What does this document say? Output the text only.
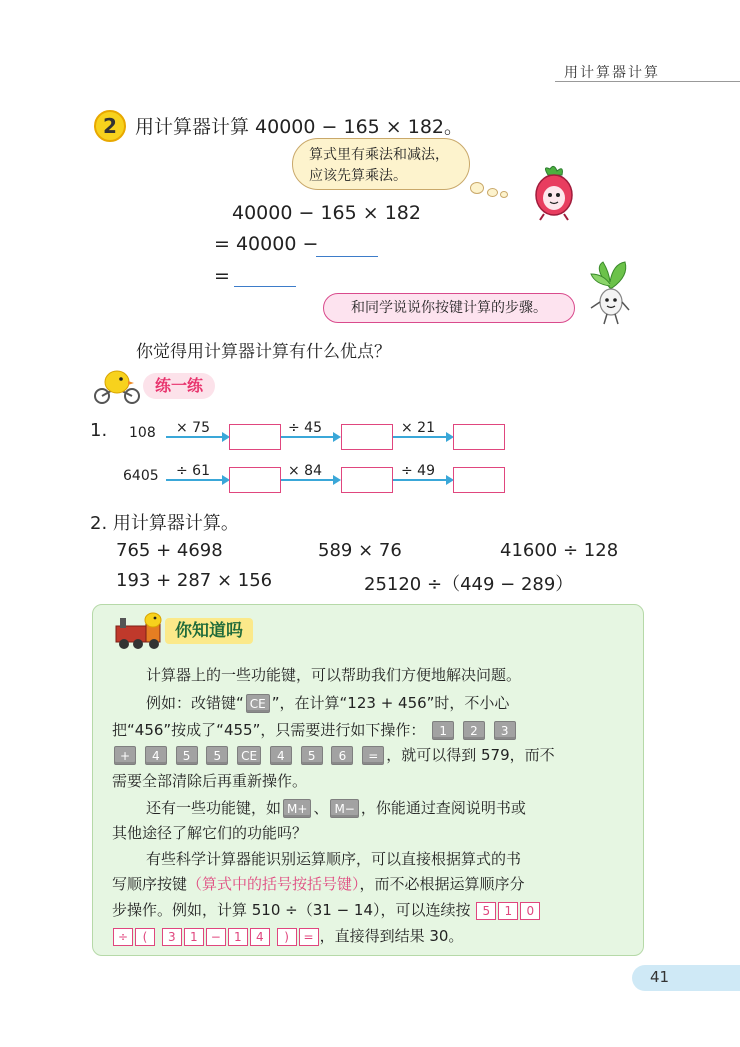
用计算器计算
2 用计算器计算 40000 − 165 × 182。
算式里有乘法和减法，
应该先算乘法。
40000 − 165 × 182
= 40000 −
=
和同学说说你按键计算的步骤。
你觉得用计算器计算有什么优点？
练一练
1. 108 × 75	÷ 45	× 21
6405 ÷ 61	× 84	÷ 49
2. 用计算器计算。
765 + 4698	589 × 76	41600 ÷ 128
193 + 287 × 156	25120 ÷（449 − 289）
你知道吗
计算器上的一些功能键，可以帮助我们方便地解决问题。
例如：改错键“ CE ”，在计算“123 + 456”时，不小心
把“456”按成了“455”，只需要进行如下操作： 1 2 3
+ 4 5 5 CE 4 5 6 = ，就可以得到 579，而不
需要全部清除后再重新操作。
还有一些功能键，如 M+ 、 M− ，你能通过查阅说明书或
其他途径了解它们的功能吗？
有些科学计算器能识别运算顺序，可以直接根据算式的书
写顺序按键（算式中的括号按括号键），而不必根据运算顺序分
步操作。例如，计算 510 ÷（31 − 14），可以连续按 5 1 0
÷ ( 3 1 − 1 4 ) = ，直接得到结果 30。
41
